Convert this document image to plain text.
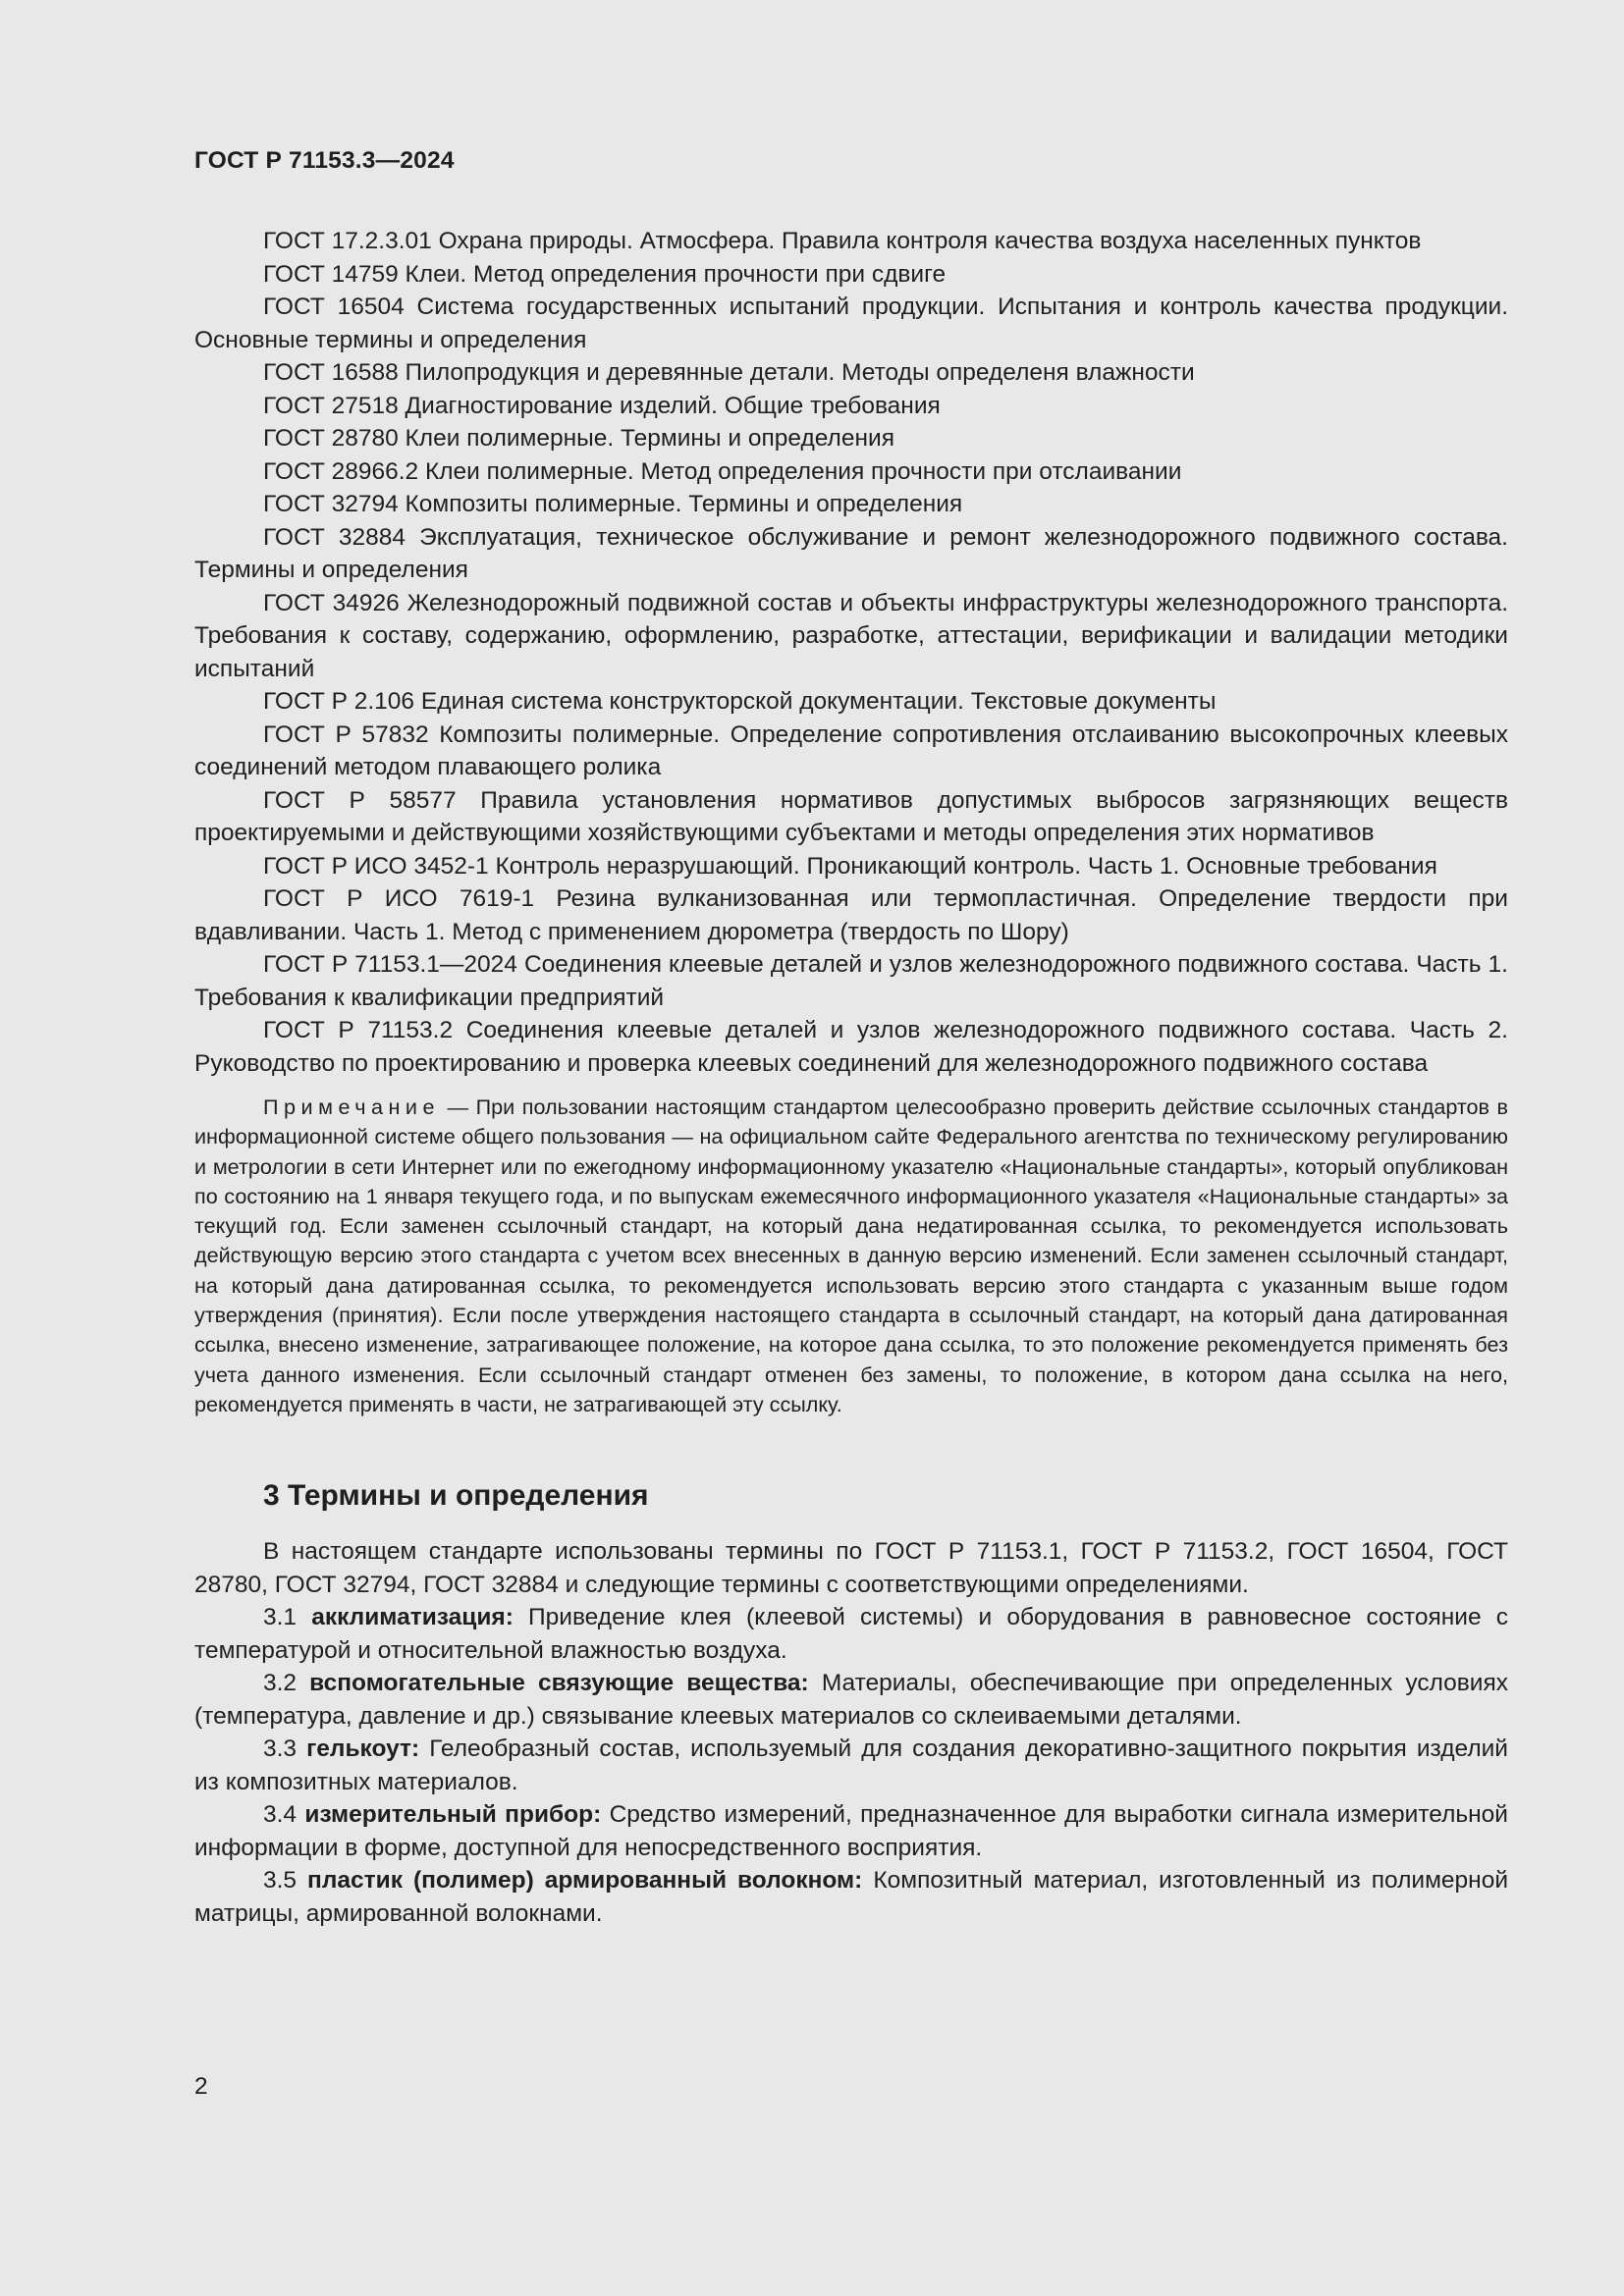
ГОСТ Р 71153.3—2024

ГОСТ 17.2.3.01 Охрана природы. Атмосфера. Правила контроля качества воздуха населенных пунктов

ГОСТ 14759 Клеи. Метод определения прочности при сдвиге

ГОСТ 16504 Система государственных испытаний продукции. Испытания и контроль качества продукции. Основные термины и определения

ГОСТ 16588 Пилопродукция и деревянные детали. Методы определеня влажности

ГОСТ 27518 Диагностирование изделий. Общие требования

ГОСТ 28780 Клеи полимерные. Термины и определения

ГОСТ 28966.2 Клеи полимерные. Метод определения прочности при отслаивании

ГОСТ 32794 Композиты полимерные. Термины и определения

ГОСТ 32884 Эксплуатация, техническое обслуживание и ремонт железнодорожного подвижного состава. Термины и определения

ГОСТ 34926 Железнодорожный подвижной состав и объекты инфраструктуры железнодорожного транспорта. Требования к составу, содержанию, оформлению, разработке, аттестации, верификации и валидации методики испытаний

ГОСТ Р 2.106 Единая система конструкторской документации. Текстовые документы

ГОСТ Р 57832 Композиты полимерные. Определение сопротивления отслаиванию высокопрочных клеевых соединений методом плавающего ролика

ГОСТ Р 58577 Правила установления нормативов допустимых выбросов загрязняющих веществ проектируемыми и действующими хозяйствующими субъектами и методы определения этих нормативов

ГОСТ Р ИСО 3452-1 Контроль неразрушающий. Проникающий контроль. Часть 1. Основные требования

ГОСТ Р ИСО 7619-1 Резина вулканизованная или термопластичная. Определение твердости при вдавливании. Часть 1. Метод с применением дюрометра (твердость по Шору)

ГОСТ Р 71153.1—2024 Соединения клеевые деталей и узлов железнодорожного подвижного состава. Часть 1. Требования к квалификации предприятий

ГОСТ Р 71153.2 Соединения клеевые деталей и узлов железнодорожного подвижного состава. Часть 2. Руководство по проектированию и проверка клеевых соединений для железнодорожного подвижного состава

Примечание — При пользовании настоящим стандартом целесообразно проверить действие ссылочных стандартов в информационной системе общего пользования — на официальном сайте Федерального агентства по техническому регулированию и метрологии в сети Интернет или по ежегодному информационному указателю «Национальные стандарты», который опубликован по состоянию на 1 января текущего года, и по выпускам ежемесячного информационного указателя «Национальные стандарты» за текущий год. Если заменен ссылочный стандарт, на который дана недатированная ссылка, то рекомендуется использовать действующую версию этого стандарта с учетом всех внесенных в данную версию изменений. Если заменен ссылочный стандарт, на который дана датированная ссылка, то рекомендуется использовать версию этого стандарта с указанным выше годом утверждения (принятия). Если после утверждения настоящего стандарта в ссылочный стандарт, на который дана датированная ссылка, внесено изменение, затрагивающее положение, на которое дана ссылка, то это положение рекомендуется применять без учета данного изменения. Если ссылочный стандарт отменен без замены, то положение, в котором дана ссылка на него, рекомендуется применять в части, не затрагивающей эту ссылку.
3 Термины и определения

В настоящем стандарте использованы термины по ГОСТ Р 71153.1, ГОСТ Р 71153.2, ГОСТ 16504, ГОСТ 28780, ГОСТ 32794, ГОСТ 32884 и следующие термины с соответствующими определениями.

3.1 акклиматизация: Приведение клея (клеевой системы) и оборудования в равновесное состояние с температурой и относительной влажностью воздуха.

3.2 вспомогательные связующие вещества: Материалы, обеспечивающие при определенных условиях (температура, давление и др.) связывание клеевых материалов со склеиваемыми деталями.

3.3 гелькоут: Гелеобразный состав, используемый для создания декоративно-защитного покрытия изделий из композитных материалов.

3.4 измерительный прибор: Средство измерений, предназначенное для выработки сигнала измерительной информации в форме, доступной для непосредственного восприятия.

3.5 пластик (полимер) армированный волокном: Композитный материал, изготовленный из полимерной матрицы, армированной волокнами.

2
